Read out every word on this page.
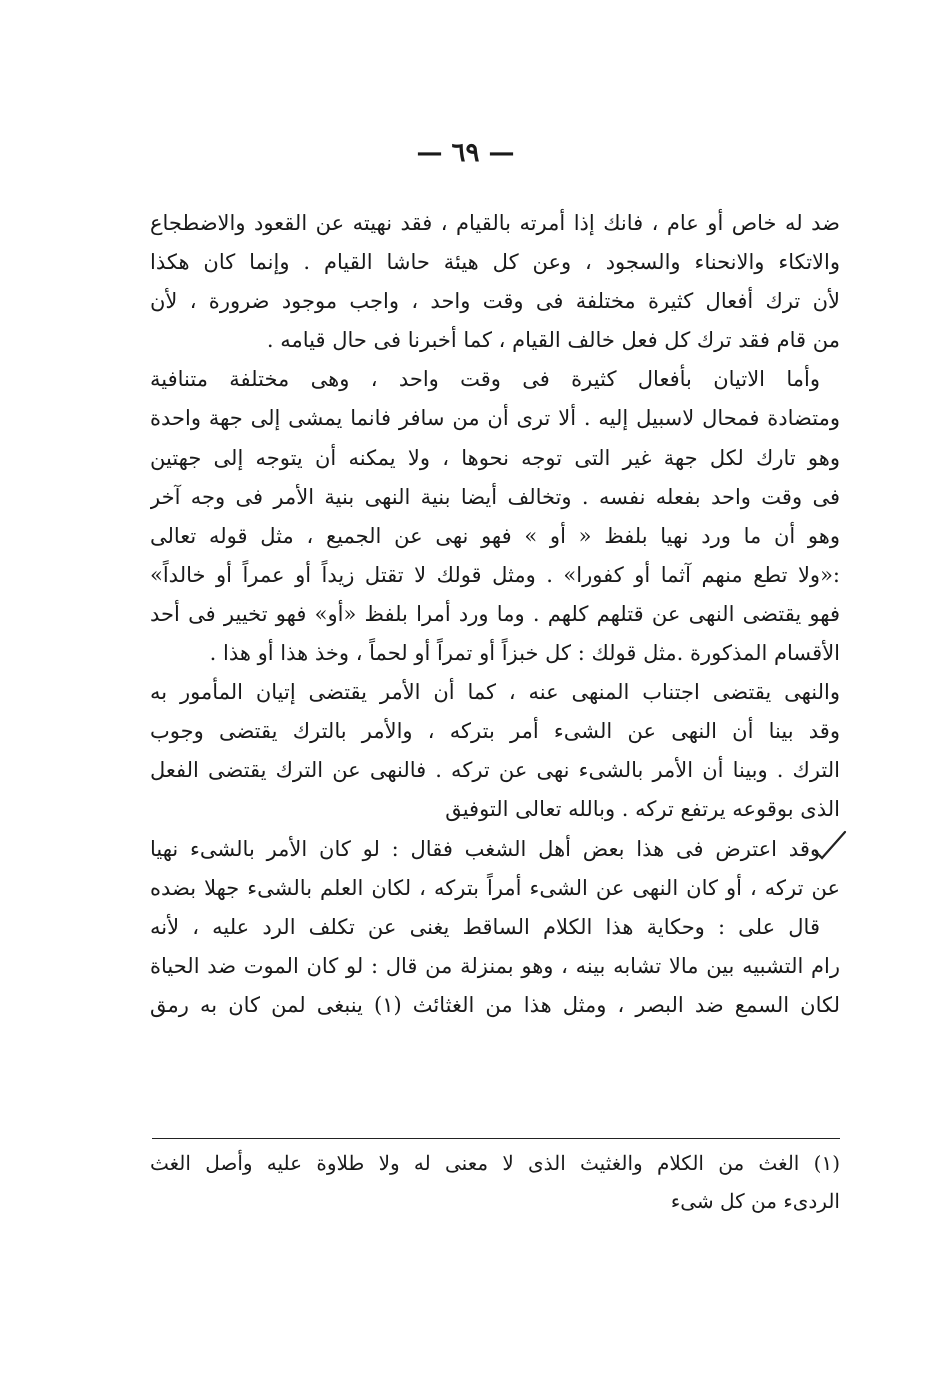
— ٦٩ —
ضد له خاص أو عام ، فانك إذا أمرته بالقيام ، فقد نهيته عن القعود والاضطجاع
والاتكاء والانحناء والسجود ، وعن كل هيئة حاشا القيام . وإنما كان هكذا
لأن ترك أفعال كثيرة مختلفة فى وقت واحد ، واجب موجود ضرورة ، لأن
من قام فقد ترك كل فعل خالف القيام ، كما أخبرنا فى حال قيامه .
وأما الاتيان بأفعال كثيرة فى وقت واحد ، وهى مختلفة متنافية
ومتضادة فمحال لاسبيل إليه . ألا ترى أن من سافر فانما يمشى إلى جهة واحدة
وهو تارك لكل جهة غير التى توجه نحوها ، ولا يمكنه أن يتوجه إلى جهتين
فى وقت واحد بفعله نفسه . وتخالف أيضا بنية النهى بنية الأمر فى وجه آخر
وهو أن ما ورد نهيا بلفظ « أو » فهو نهى عن الجميع ، مثل قوله تعالى
:«ولا تطع منهم آثما أو كفورا» . ومثل قولك لا تقتل زيداً أو عمراً أو خالداً»
فهو يقتضى النهى عن قتلهم كلهم . وما ورد أمرا بلفظ «أو» فهو تخيير فى أحد
الأقسام المذكورة .مثل قولك : كل خبزاً أو تمراً أو لحماً ، وخذ هذا أو هذا .
والنهى يقتضى اجتناب المنهى عنه ، كما أن الأمر يقتضى إتيان المأمور به
وقد بينا أن النهى عن الشىء أمر بتركه ، والأمر بالترك يقتضى وجوب
الترك . وبينا أن الأمر بالشىء نهى عن تركه . فالنهى عن الترك يقتضى الفعل
الذى بوقوعه يرتفع تركه . وبالله تعالى التوفيق
وقد اعترض فى هذا بعض أهل الشغب فقال : لو كان الأمر بالشىء نهيا
عن تركه ، أو كان النهى عن الشىء أمراً بتركه ، لكان العلم بالشىء جهلا بضده
قال على : وحكاية هذا الكلام الساقط يغنى عن تكلف الرد عليه ، لأنه
رام التشبيه بين مالا تشابه بينه ، وهو بمنزلة من قال : لو كان الموت ضد الحياة
لكان السمع ضد البصر ، ومثل هذا من الغثائث (١) ينبغى لمن كان به رمق
(١) الغث من الكلام والغثيث الذى لا معنى له ولا طلاوة عليه وأصل الغث
الردىء من كل شىء
